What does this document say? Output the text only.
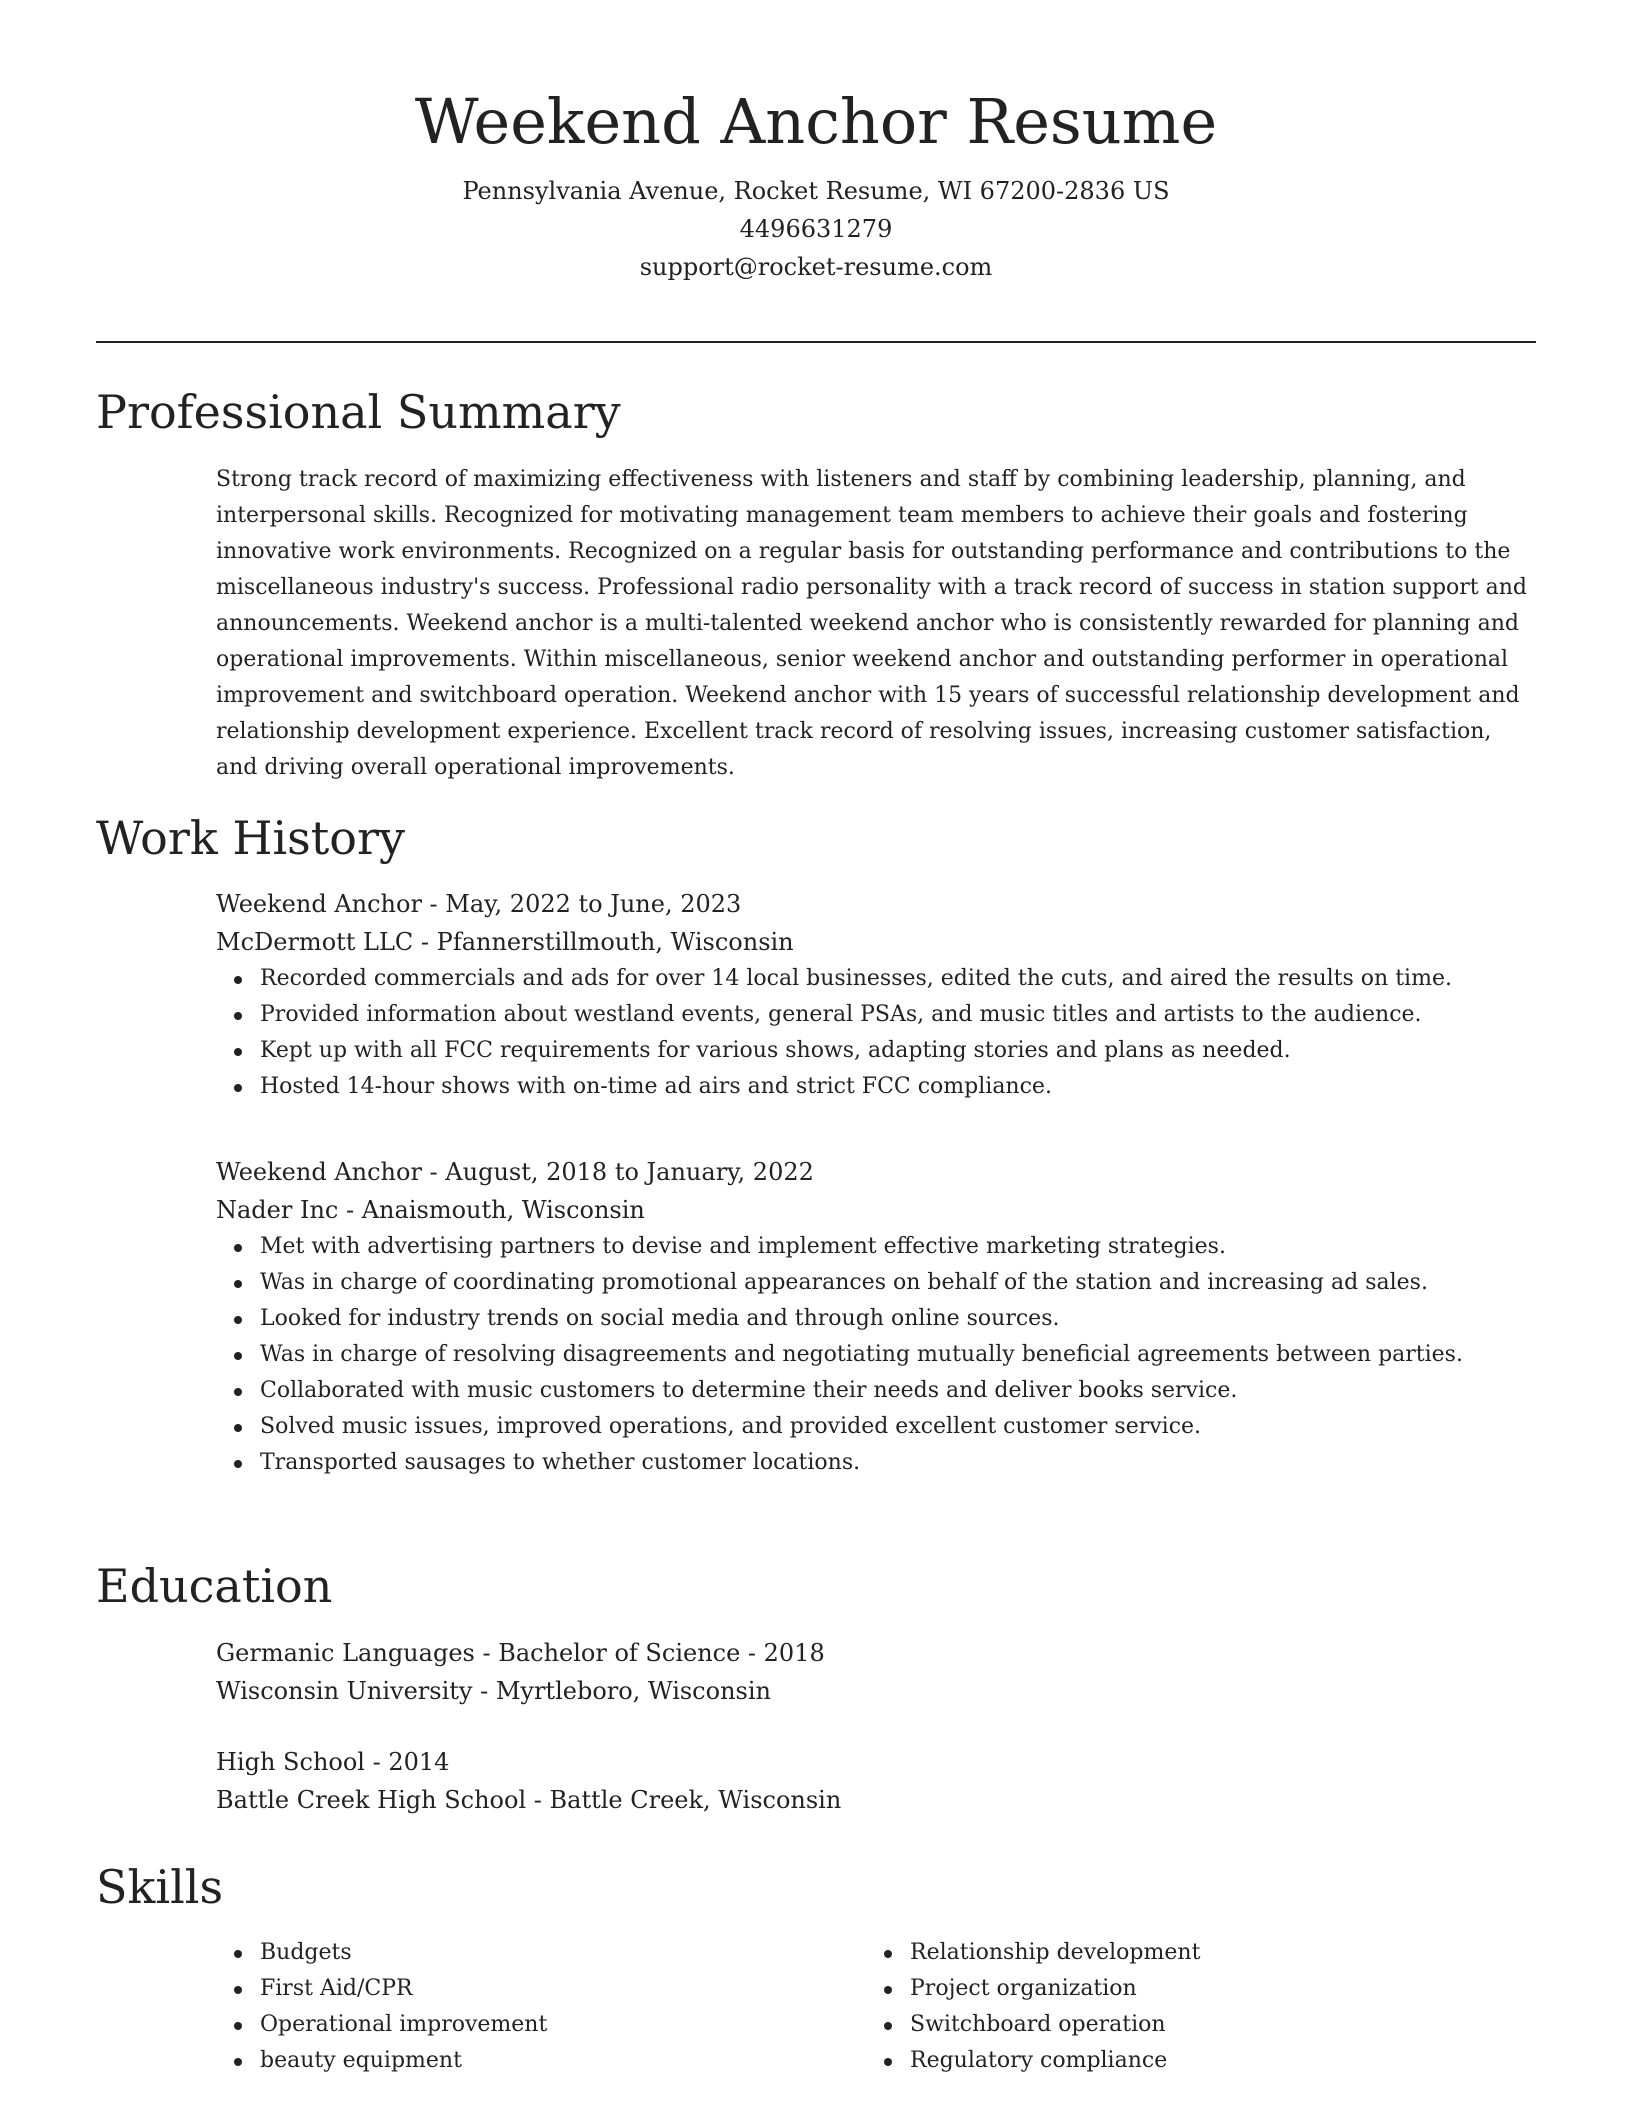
Weekend Anchor Resume
Pennsylvania Avenue, Rocket Resume, WI 67200-2836 US
4496631279
support@rocket-resume.com
Professional Summary

Strong track record of maximizing effectiveness with listeners and staff by combining leadership, planning, and interpersonal skills. Recognized for motivating management team members to achieve their goals and fostering innovative work environments. Recognized on a regular basis for outstanding performance and contributions to the miscellaneous industry's success. Professional radio personality with a track record of success in station support and announcements. Weekend anchor is a multi-talented weekend anchor who is consistently rewarded for planning and operational improvements. Within miscellaneous, senior weekend anchor and outstanding performer in operational improvement and switchboard operation. Weekend anchor with 15 years of successful relationship development and relationship development experience. Excellent track record of resolving issues, increasing customer satisfaction, and driving overall operational improvements.

Work History
Weekend Anchor - May, 2022 to June, 2023
McDermott LLC - Pfannerstillmouth, Wisconsin
Recorded commercials and ads for over 14 local businesses, edited the cuts, and aired the results on time.
Provided information about westland events, general PSAs, and music titles and artists to the audience.
Kept up with all FCC requirements for various shows, adapting stories and plans as needed.
Hosted 14-hour shows with on-time ad airs and strict FCC compliance.
Weekend Anchor - August, 2018 to January, 2022
Nader Inc - Anaismouth, Wisconsin
Met with advertising partners to devise and implement effective marketing strategies.
Was in charge of coordinating promotional appearances on behalf of the station and increasing ad sales.
Looked for industry trends on social media and through online sources.
Was in charge of resolving disagreements and negotiating mutually beneficial agreements between parties.
Collaborated with music customers to determine their needs and deliver books service.
Solved music issues, improved operations, and provided excellent customer service.
Transported sausages to whether customer locations.
Education
Germanic Languages - Bachelor of Science - 2018
Wisconsin University - Myrtleboro, Wisconsin
High School - 2014
Battle Creek High School - Battle Creek, Wisconsin
Skills
Budgets
First Aid/CPR
Operational improvement
beauty equipment
Relationship development
Project organization
Switchboard operation
Regulatory compliance
